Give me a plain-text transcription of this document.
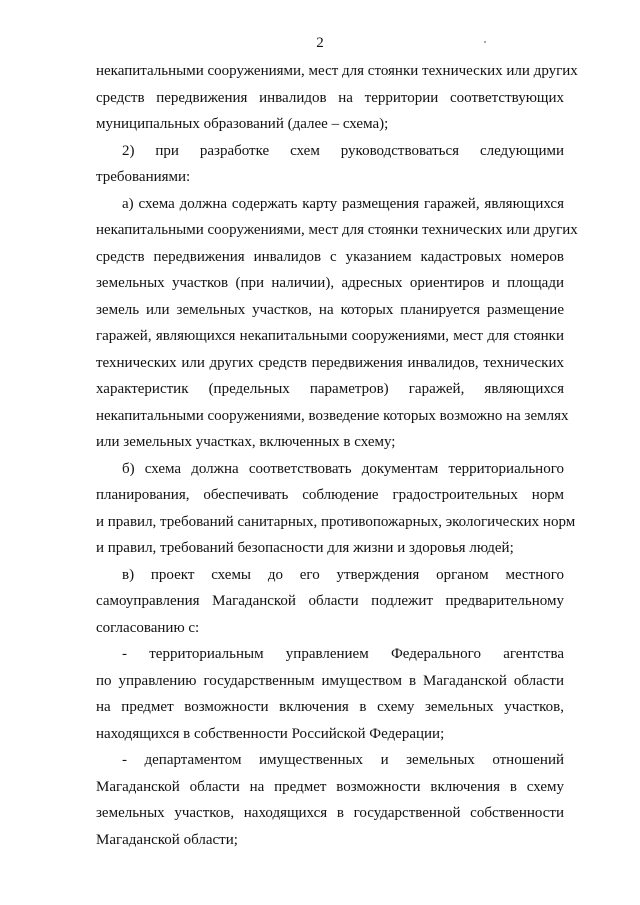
2
некапитальными сооружениями, мест для стоянки технических или других
средств передвижения инвалидов на территории соответствующих
муниципальных образований (далее – схема);
2) при разработке схем руководствоваться следующими
требованиями:
а) схема должна содержать карту размещения гаражей, являющихся
некапитальными сооружениями, мест для стоянки технических или других
средств передвижения инвалидов с указанием кадастровых номеров
земельных участков (при наличии), адресных ориентиров и площади
земель или земельных участков, на которых планируется размещение
гаражей, являющихся некапитальными сооружениями, мест для стоянки
технических или других средств передвижения инвалидов, технических
характеристик (предельных параметров) гаражей, являющихся
некапитальными сооружениями, возведение которых возможно на землях
или земельных участках, включенных в схему;
б) схема должна соответствовать документам территориального
планирования, обеспечивать соблюдение градостроительных норм
и правил, требований санитарных, противопожарных, экологических норм
и правил, требований безопасности для жизни и здоровья людей;
в) проект схемы до его утверждения органом местного
самоуправления Магаданской области подлежит предварительному
согласованию с:
- территориальным управлением Федерального агентства
по управлению государственным имуществом в Магаданской области
на предмет возможности включения в схему земельных участков,
находящихся в собственности Российской Федерации;
- департаментом имущественных и земельных отношений
Магаданской области на предмет возможности включения в схему
земельных участков, находящихся в государственной собственности
Магаданской области;
